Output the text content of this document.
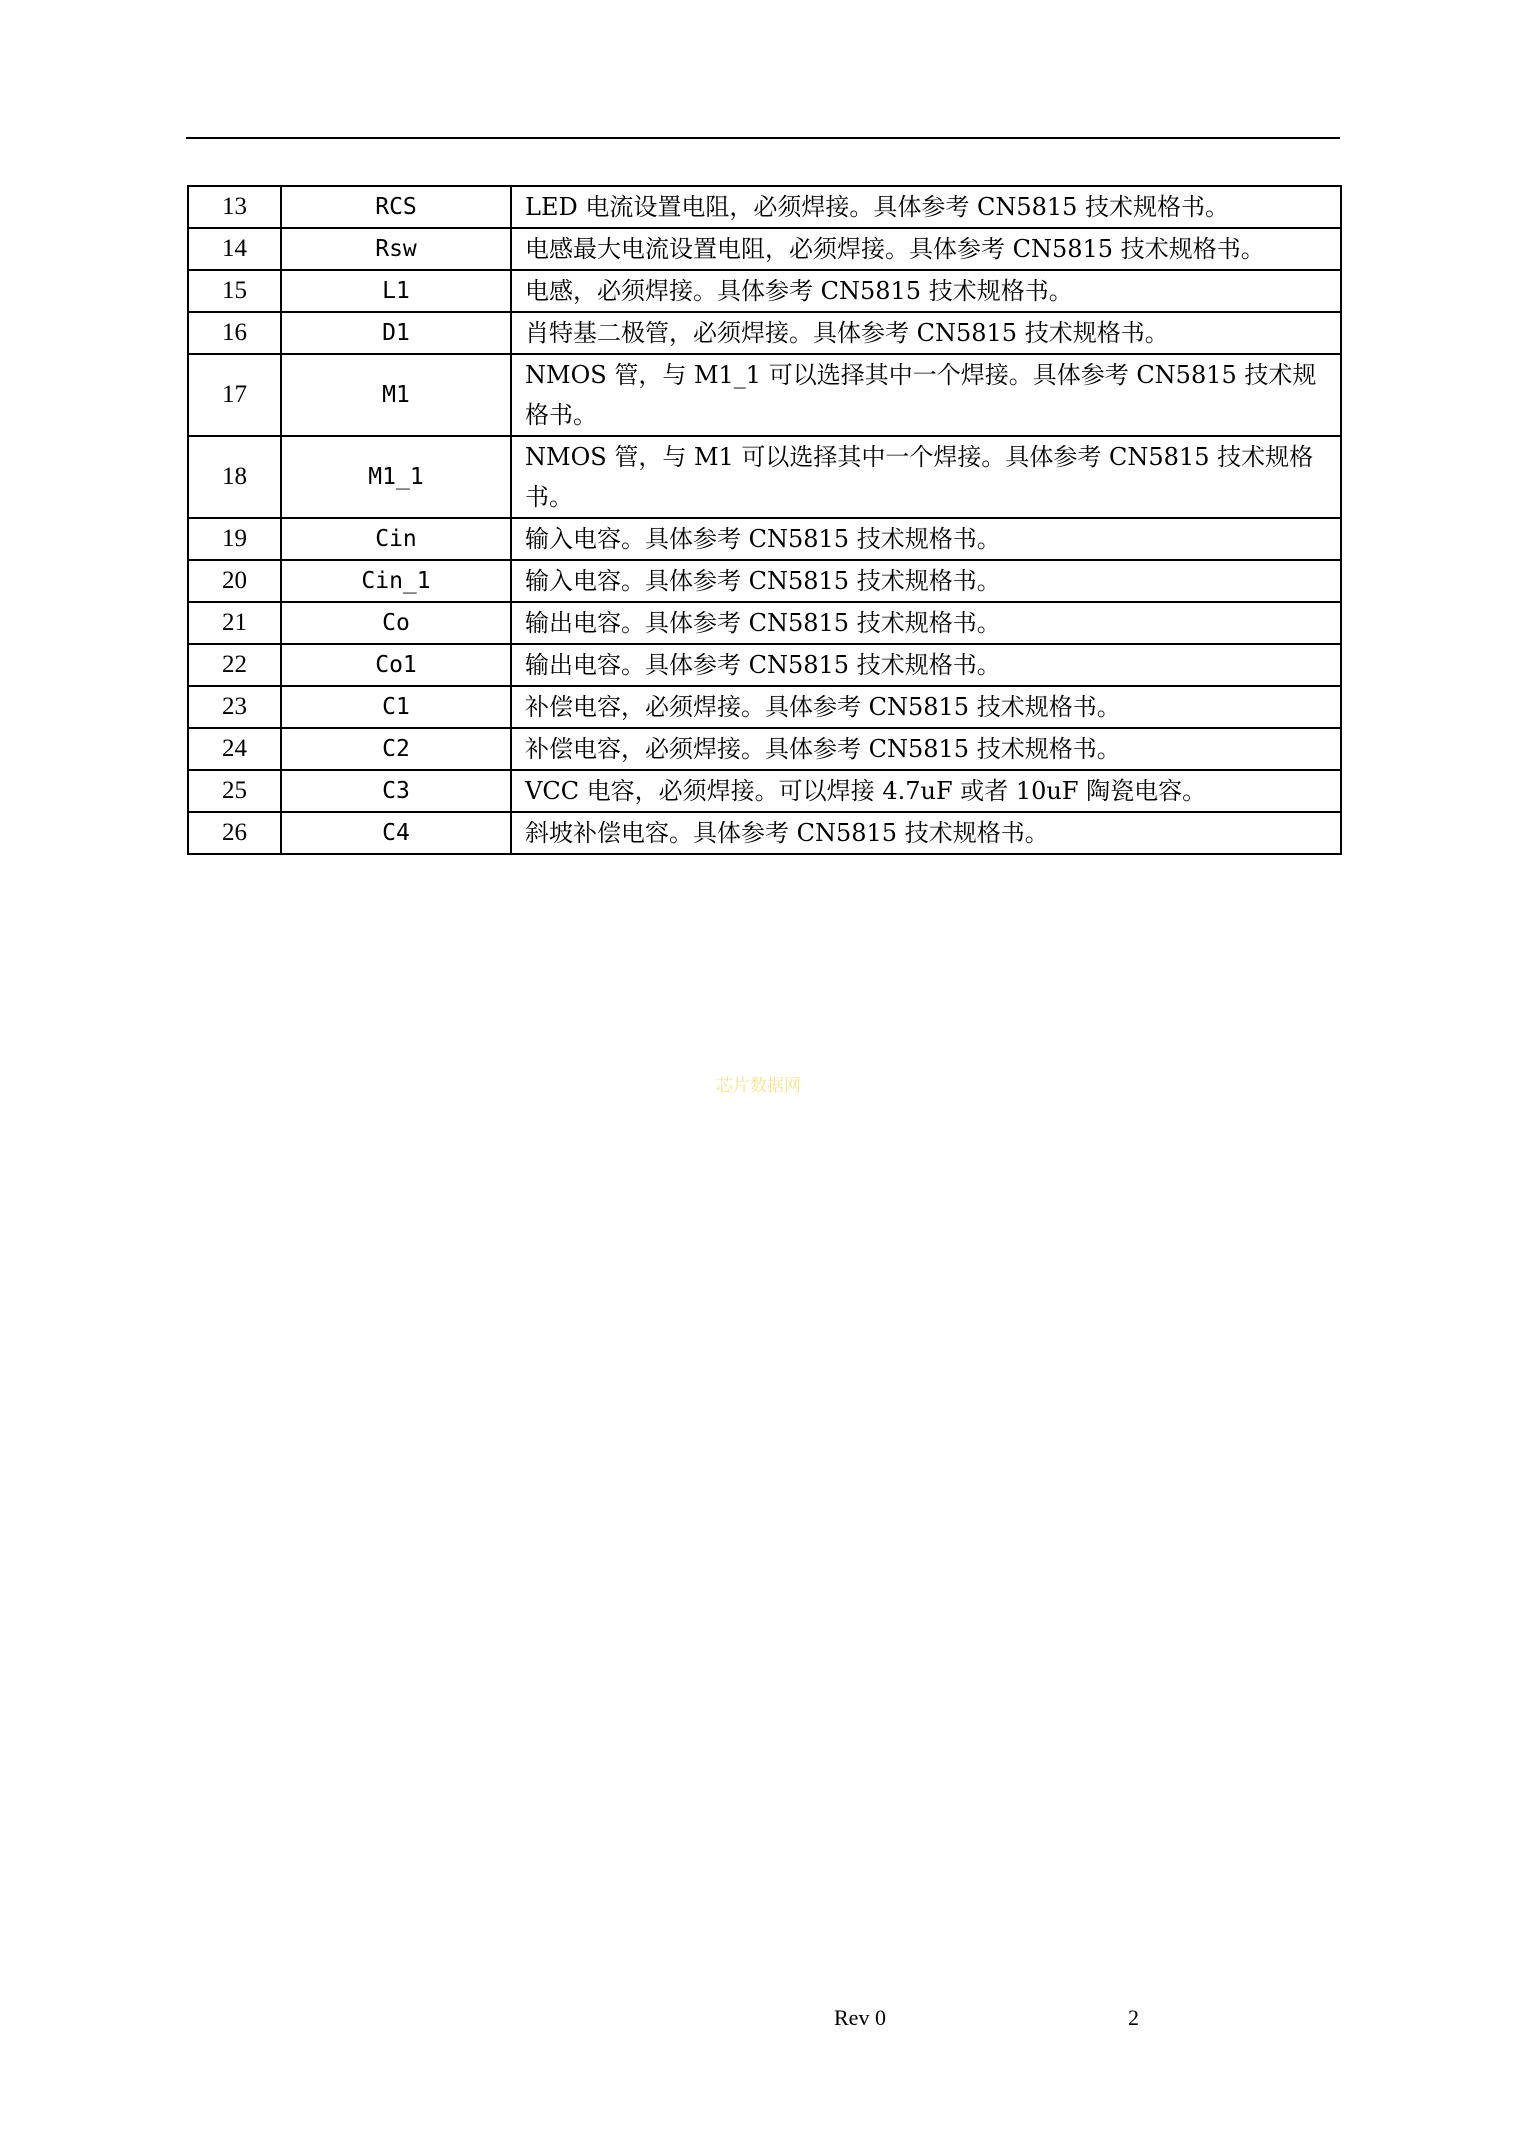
13	RCS	LED 电流设置电阻，必须焊接。具体参考 CN5815 技术规格书。
14	Rsw	电感最大电流设置电阻，必须焊接。具体参考 CN5815 技术规格书。
15	L1	电感，必须焊接。具体参考 CN5815 技术规格书。
16	D1	肖特基二极管，必须焊接。具体参考 CN5815 技术规格书。
17	M1	NMOS 管，与 M1_1 可以选择其中一个焊接。具体参考 CN5815 技术规格书。
18	M1_1	NMOS 管，与 M1 可以选择其中一个焊接。具体参考 CN5815 技术规格书。
19	Cin	输入电容。具体参考 CN5815 技术规格书。
20	Cin_1	输入电容。具体参考 CN5815 技术规格书。
21	Co	输出电容。具体参考 CN5815 技术规格书。
22	Co1	输出电容。具体参考 CN5815 技术规格书。
23	C1	补偿电容，必须焊接。具体参考 CN5815 技术规格书。
24	C2	补偿电容，必须焊接。具体参考 CN5815 技术规格书。
25	C3	VCC 电容，必须焊接。可以焊接 4.7uF 或者 10uF 陶瓷电容。
26	C4	斜坡补偿电容。具体参考 CN5815 技术规格书。
芯片数据网
Rev 0	2
